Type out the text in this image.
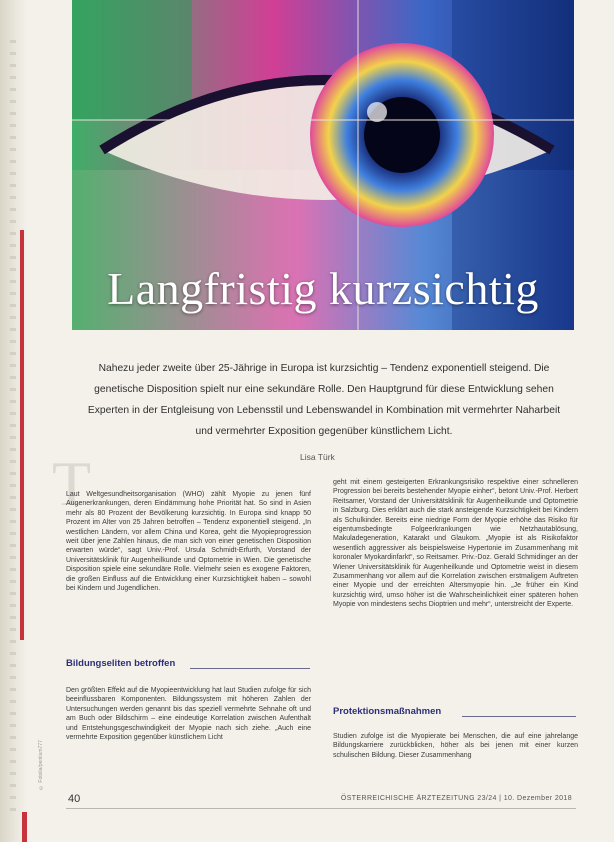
Langfristig kurzsichtig
Nahezu jeder zweite über 25-Jährige in Europa ist kurzsichtig – Tendenz exponentiell steigend. Die genetische Disposition spielt nur eine sekundäre Rolle. Den Hauptgrund für diese Entwicklung sehen Experten in der Entgleisung von Lebensstil und Lebenswandel in Kombination mit vermehrter Naharbeit und vermehrter Exposition gegenüber künstlichem Licht.
Lisa Türk
T

Laut Weltgesundheitsorganisation (WHO) zählt Myopie zu jenen fünf Augenerkrankungen, deren Eindämmung hohe Priorität hat. So sind in Asien mehr als 80 Prozent der Bevölkerung kurzsichtig. In Europa sind knapp 50 Prozent im Alter von 25 Jahren betroffen – Tendenz exponentiell steigend. „In westlichen Ländern, vor allem China und Korea, geht die Myopieprogression weit über jene Zahlen hinaus, die man sich von einer genetischen Disposition erwarten würde“, sagt Univ.-Prof. Ursula Schmidt-Erfurth, Vorstand der Universitätsklinik für Augenheilkunde und Optometrie in Wien. Die genetische Disposition spiele eine sekundäre Rolle. Vielmehr seien es exogene Faktoren, die großen Einfluss auf die Entwicklung einer Kurzsichtigkeit haben – sowohl bei Kindern und Jugendlichen.

Bildungseliten betroffen

Den größten Effekt auf die Myopieentwicklung hat laut Studien zufolge für sich beeinflussbaren Komponenten. Bildungssystem mit höheren Zahlen der Untersuchungen werden genannt bis das speziell vermehrte Sehnahe oft und am Buch oder Bildschirm – eine eindeutige Korrelation zwischen Aufenthalt und Entstehungsgeschwindigkeit der Myopie nach sich ziehe. „Auch eine vermehrte Exposition gegenüber künstlichem Licht

geht mit einem gesteigerten Erkrankungsrisiko respektive einer schnelleren Progression bei bereits bestehender Myopie einher“, betont Univ.-Prof. Herbert Reitsamer, Vorstand der Universitätsklinik für Augenheilkunde und Optometrie in Salzburg. Dies erklärt auch die stark ansteigende Kurzsichtigkeit bei Kindern als Schulkinder. Bereits eine niedrige Form der Myopie erhöhe das Risiko für eigentumsbedingte Folgeerkrankungen wie Netzhautablösung, Makuladegeneration, Katarakt und Glaukom. „Myopie ist als Risikofaktor wesentlich aggressiver als beispielsweise Hypertonie im Zusammenhang mit koronaler Myokardinfarkt“, so Reitsamer. Priv.-Doz. Gerald Schmidinger an der Wiener Universitätsklinik für Augenheilkunde und Optometrie weist in diesem Zusammenhang vor allem auf die Korrelation zwischen erstmaligem Auftreten einer Myopie und der erreichten Altersmyopie hin. „Je früher ein Kind kurzsichtig wird, umso höher ist die Wahrscheinlichkeit einer späteren hohen Myopie von mindestens sechs Dioptrien und mehr“, unterstreicht der Experte.

Protektionsmaßnahmen

Studien zufolge ist die Myopierate bei Menschen, die auf eine jahrelange Bildungskarriere zurückblicken, höher als bei jenen mit einer kurzen schulischen Bildung. Dieser Zusammenhang

© Fotolia/pentium777
40	ÖSTERREICHISCHE ÄRZTEZEITUNG 23/24 | 10. Dezember 2018
